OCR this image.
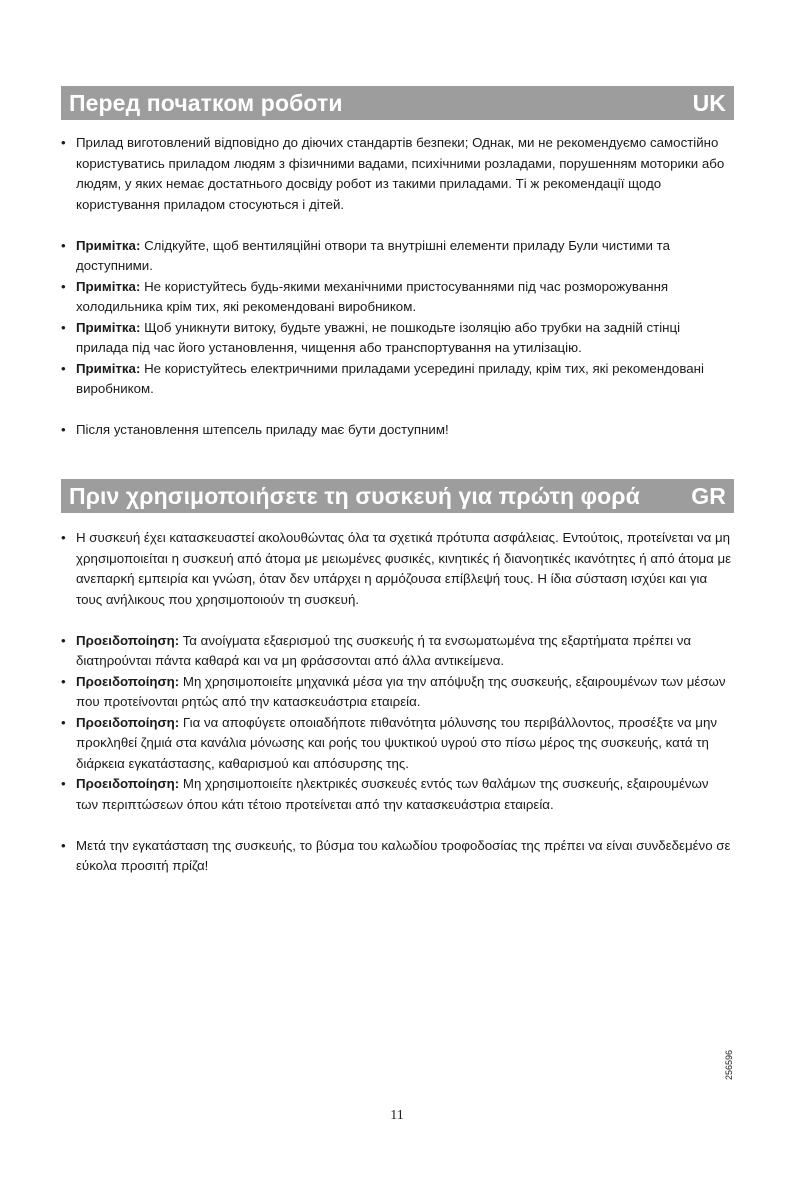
Перед початком роботи	UK
• Прилад виготовлений відповідно до діючих стандартів безпеки; Однак, ми не рекомендуємо самостійно користуватись приладом людям з фізичними вадами, психічними розладами, порушенням моторики або людям, у яких немає достатнього досвіду робот из такими приладами. Ті ж рекомендації щодо користування приладом стосуються і дітей.
• Примітка: Слідкуйте, щоб вентиляційні отвори та внутрішні елементи приладу Були чистими та доступними.
• Примітка: Не користуйтесь будь-якими механічними пристосуваннями під час розморожування холодильника крім тих, які рекомендовані виробником.
• Примітка: Щоб уникнути витоку, будьте уважні, не пошкодьте ізоляцію або трубки на задній стінці прилада під час його установлення, чищення або транспортування на утилізацію.
• Примітка: Не користуйтесь електричними приладами усередині приладу, крім тих, які рекомендовані виробником.
• Після установлення штепсель приладу має бути доступним!
Πριν χρησιμοποιήσετε τη συσκευή για πρώτη φορά GR
• Η συσκευή έχει κατασκευαστεί ακολουθώντας όλα τα σχετικά πρότυπα ασφάλειας. Εντούτοις, προτείνεται να μη χρησιμοποιείται η συσκευή από άτομα με μειωμένες φυσικές, κινητικές ή διανοητικές ικανότητες ή από άτομα με ανεπαρκή εμπειρία και γνώση, όταν δεν υπάρχει η αρμόζουσα επίβλεψή τους. Η ίδια σύσταση ισχύει και για τους ανήλικους που χρησιμοποιούν τη συσκευή.
• Προειδοποίηση: Τα ανοίγματα εξαερισμού της συσκευής ή τα ενσωματωμένα της εξαρτήματα πρέπει να διατηρούνται πάντα καθαρά και να μη φράσσονται από άλλα αντικείμενα.
• Προειδοποίηση: Μη χρησιμοποιείτε μηχανικά μέσα για την απόψυξη της συσκευής, εξαιρουμένων των μέσων που προτείνονται ρητώς από την κατασκευάστρια εταιρεία.
• Προειδοποίηση: Για να αποφύγετε οποιαδήποτε πιθανότητα μόλυνσης του περιβάλλοντος, προσέξτε να μην προκληθεί ζημιά στα κανάλια μόνωσης και ροής του ψυκτικού υγρού στο πίσω μέρος της συσκευής, κατά τη διάρκεια εγκατάστασης, καθαρισμού και απόσυρσης της.
• Προειδοποίηση: Μη χρησιμοποιείτε ηλεκτρικές συσκευές εντός των θαλάμων της συσκευής, εξαιρουμένων των περιπτώσεων όπου κάτι τέτοιο προτείνεται από την κατασκευάστρια εταιρεία.
• Μετά την εγκατάσταση της συσκευής, το βύσμα του καλωδίου τροφοδοσίας της πρέπει να είναι συνδεδεμένο σε εύκολα προσιτή πρίζα!
256596
11
